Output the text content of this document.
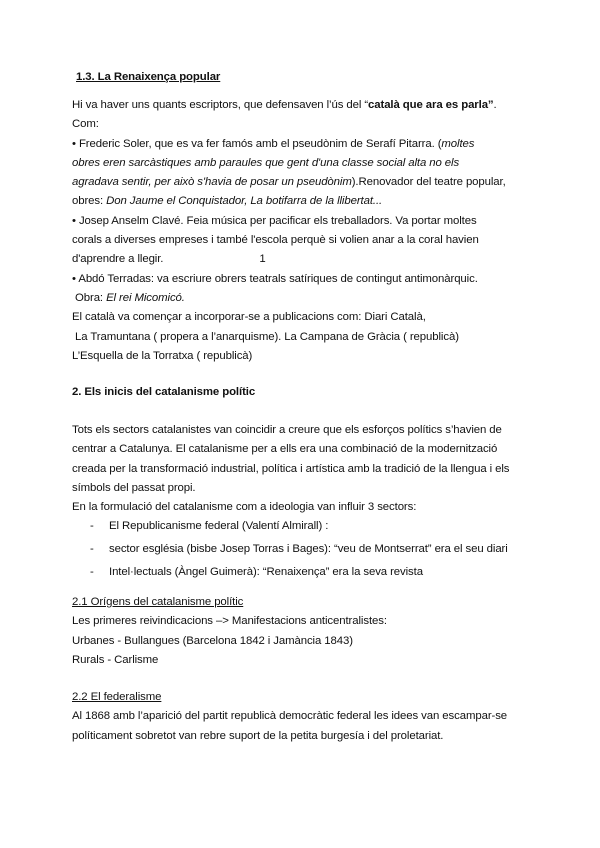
1.3. La Renaixença popular
Hi va haver uns quants escriptors, que defensaven l’ús del “català que ara es parla”.
Com:
• Frederic Soler, que es va fer famós amb el pseudònim de Serafí Pitarra. (moltes
obres eren sarcàstiques amb paraules que gent d'una classe social alta no els
agradava sentir, per això s'havia de posar un pseudònim).Renovador del teatre popular,
obres: Don Jaume el Conquistador, La botifarra de la llibertat...
• Josep Anselm Clavé. Feia música per pacificar els treballadors. Va portar moltes
corals a diverses empreses i també l'escola perquè si volien anar a la coral havien
d'aprendre a llegir.	1
• Abdó Terradas: va escriure obrers teatrals satíriques de contingut antimonàrquic.
Obra: El rei Micomicó.
El català va començar a incorporar-se a publicacions com: Diari Català,
La Tramuntana ( propera a l’anarquisme). La Campana de Gràcia ( republicà)
L’Esquella de la Torratxa ( republicà)
2. Els inicis del catalanisme polític
Tots els sectors catalanistes van coincidir a creure que els esforços polítics s’havien de
centrar a Catalunya. El catalanisme per a ells era una combinació de la modernització
creada per la transformació industrial, política i artística amb la tradició de la llengua i els
símbols del passat propi.
En la formulació del catalanisme com a ideologia van influir 3 sectors:
-	El Republicanisme federal (Valentí Almirall) :
-	sector església (bisbe Josep Torras i Bages): “veu de Montserrat” era el seu diari
-	Intel·lectuals (Àngel Guimerà): “Renaixença” era la seva revista
2.1 Orígens del catalanisme polític
Les primeres reivindicacions –> Manifestacions anticentralistes:
Urbanes - Bullangues (Barcelona 1842 i Jamància 1843)
Rurals - Carlisme
2.2 El federalisme
Al 1868 amb l’aparició del partit republicà democràtic federal les idees van escampar-se
políticament sobretot van rebre suport de la petita burgesía i del proletariat.
